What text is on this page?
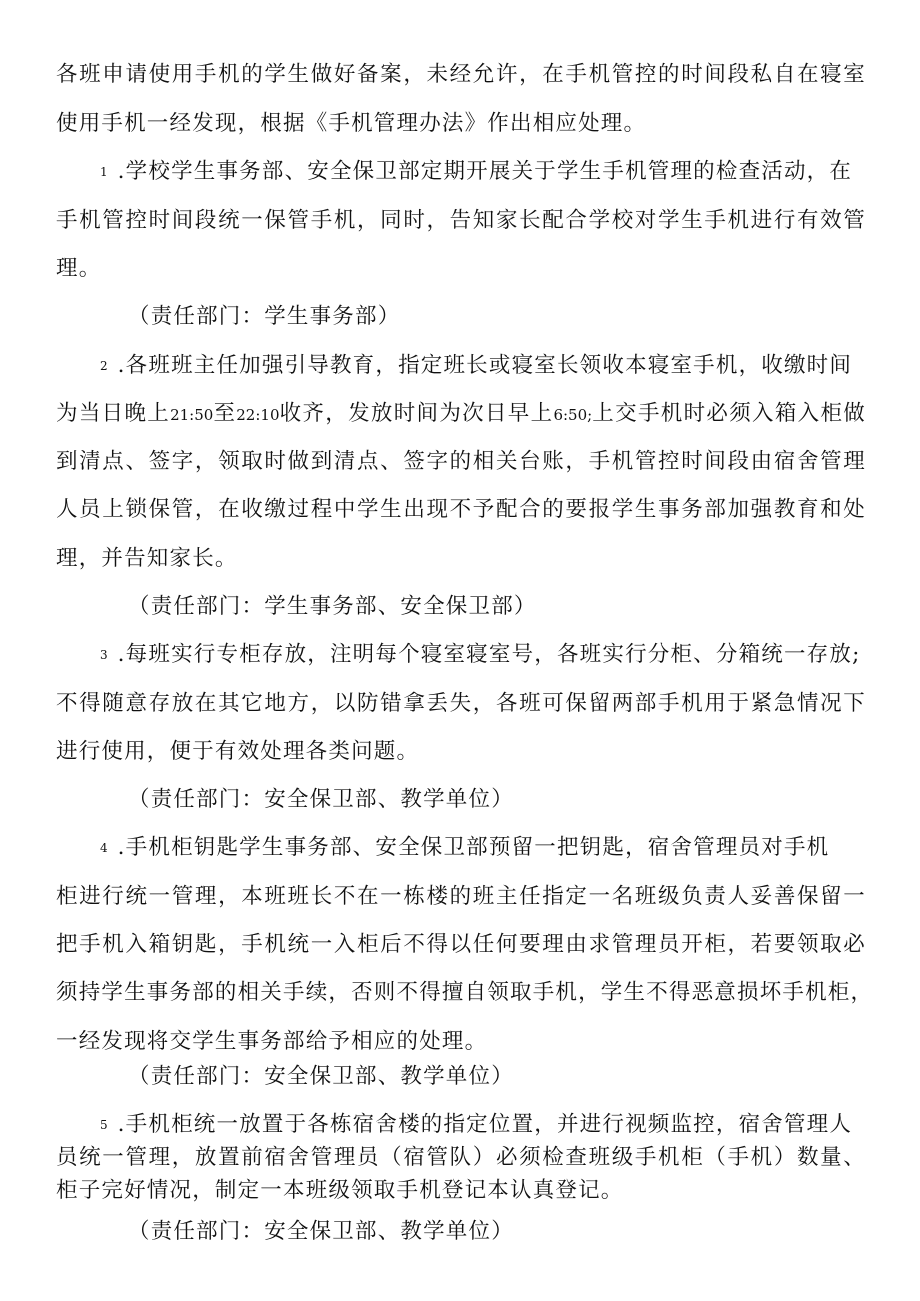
各班申请使用手机的学生做好备案，未经允许，在手机管控的时间段私自在寝室
使用手机一经发现，根据《手机管理办法》作出相应处理。
1 .学校学生事务部、安全保卫部定期开展关于学生手机管理的检查活动，在
手机管控时间段统一保管手机，同时，告知家长配合学校对学生手机进行有效管
理。
（责任部门：学生事务部）
2 .各班班主任加强引导教育，指定班长或寝室长领收本寝室手机，收缴时间
为当日晚上21:50至22:10收齐，发放时间为次日早上6:50;上交手机时必须入箱入柜做
到清点、签字，领取时做到清点、签字的相关台账，手机管控时间段由宿舍管理
人员上锁保管，在收缴过程中学生出现不予配合的要报学生事务部加强教育和处
理，并告知家长。
（责任部门：学生事务部、安全保卫部）
3 .每班实行专柜存放，注明每个寝室寝室号，各班实行分柜、分箱统一存放;
不得随意存放在其它地方，以防错拿丢失，各班可保留两部手机用于紧急情况下
进行使用，便于有效处理各类问题。
（责任部门：安全保卫部、教学单位）
4 .手机柜钥匙学生事务部、安全保卫部预留一把钥匙，宿舍管理员对手机
柜进行统一管理，本班班长不在一栋楼的班主任指定一名班级负责人妥善保留一
把手机入箱钥匙，手机统一入柜后不得以任何要理由求管理员开柜，若要领取必
须持学生事务部的相关手续，否则不得擅自领取手机，学生不得恶意损坏手机柜，
一经发现将交学生事务部给予相应的处理。
（责任部门：安全保卫部、教学单位）
5 .手机柜统一放置于各栋宿舍楼的指定位置，并进行视频监控，宿舍管理人
员统一管理，放置前宿舍管理员（宿管队）必须检查班级手机柜（手机）数量、
柜子完好情况，制定一本班级领取手机登记本认真登记。
（责任部门：安全保卫部、教学单位）
